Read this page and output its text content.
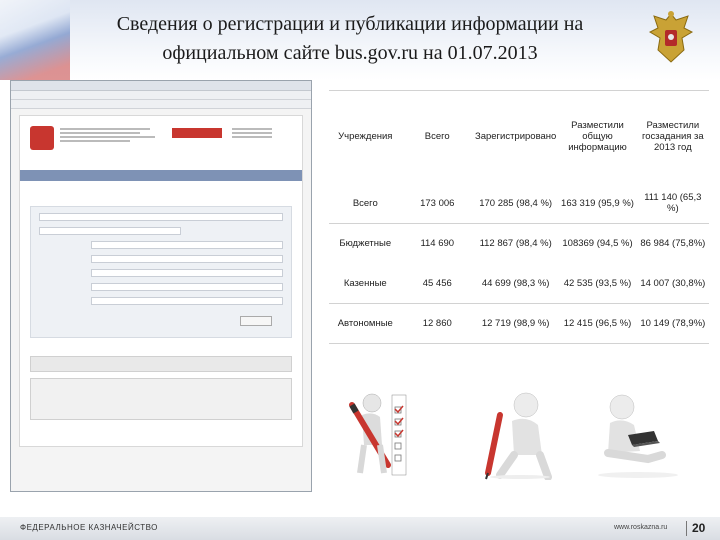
Сведения о регистрации и публикации информации на официальном сайте bus.gov.ru на 01.07.2013
Учреждения	Всего	Зарегистрировано	Разместили общую информацию	Разместили госзадания за 2013 год
Всего	173 006	170 285 (98,4 %)	163 319 (95,9 %)	111 140 (65,3 %)
Бюджетные	114 690	112 867 (98,4 %)	108369 (94,5 %)	86 984 (75,8%)
Казенные	45 456	44 699 (98,3 %)	42 535 (93,5 %)	14 007 (30,8%)
Автономные	12 860	12 719 (98,9 %)	12 415 (96,5 %)	10 149 (78,9%)
ФЕДЕРАЛЬНОЕ КАЗНАЧЕЙСТВО	www.roskazna.ru 20
